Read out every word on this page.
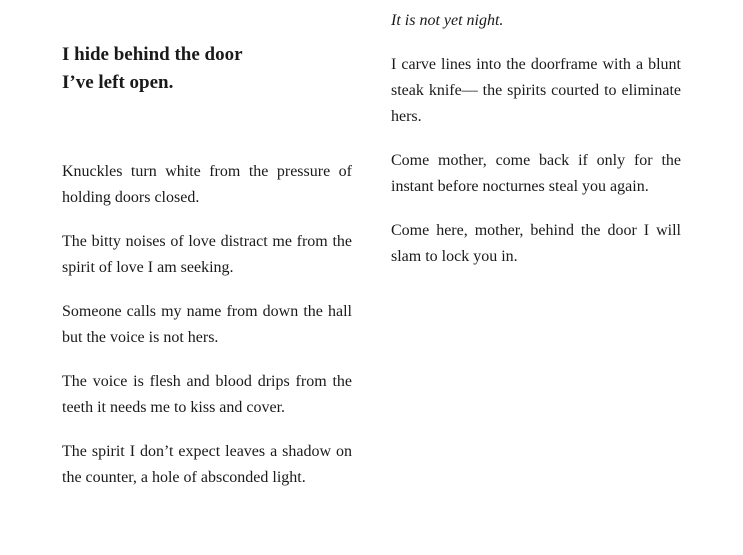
I hide behind the door
I’ve left open.

Knuckles turn white from the pressure of holding doors closed.

The bitty noises of love distract me from the spirit of love I am seeking.

Someone calls my name from down the hall but the voice is not hers.

The voice is flesh and blood drips from the teeth it needs me to kiss and cover.

The spirit I don’t expect leaves a shadow on the counter, a hole of absconded light.

It is not yet night.

I carve lines into the doorframe with a blunt steak knife— the spirits courted to eliminate hers.

Come mother, come back if only for the instant before nocturnes steal you again.

Come here, mother, behind the door I will slam to lock you in.
